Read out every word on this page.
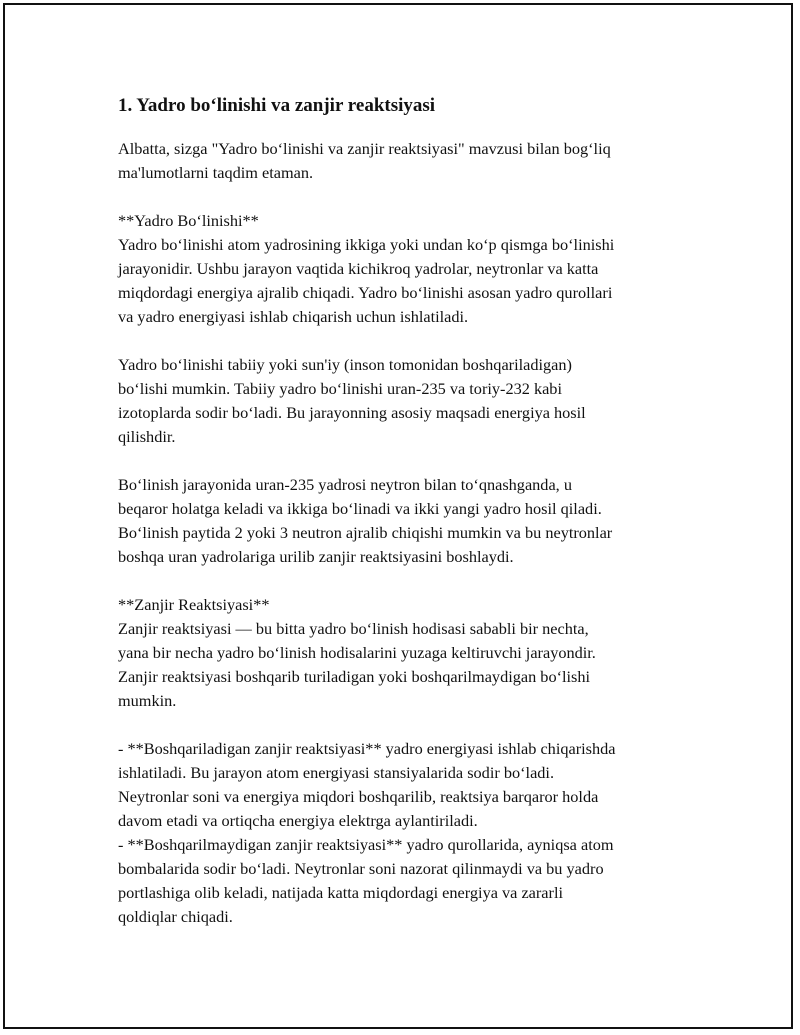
1. Yadro bo‘linishi va zanjir reaktsiyasi
Albatta, sizga "Yadro bo‘linishi va zanjir reaktsiyasi" mavzusi bilan bog‘liq
ma'lumotlarni taqdim etaman.
**Yadro Bo‘linishi**
Yadro bo‘linishi atom yadrosining ikkiga yoki undan ko‘p qismga bo‘linishi
jarayonidir. Ushbu jarayon vaqtida kichikroq yadrolar, neytronlar va katta
miqdordagi energiya ajralib chiqadi. Yadro bo‘linishi asosan yadro qurollari
va yadro energiyasi ishlab chiqarish uchun ishlatiladi.
Yadro bo‘linishi tabiiy yoki sun'iy (inson tomonidan boshqariladigan)
bo‘lishi mumkin. Tabiiy yadro bo‘linishi uran-235 va toriy-232 kabi
izotoplarda sodir bo‘ladi. Bu jarayonning asosiy maqsadi energiya hosil
qilishdir.
Bo‘linish jarayonida uran-235 yadrosi neytron bilan to‘qnashganda, u
beqaror holatga keladi va ikkiga bo‘linadi va ikki yangi yadro hosil qiladi.
Bo‘linish paytida 2 yoki 3 neutron ajralib chiqishi mumkin va bu neytronlar
boshqa uran yadrolariga urilib zanjir reaktsiyasini boshlaydi.
**Zanjir Reaktsiyasi**
Zanjir reaktsiyasi — bu bitta yadro bo‘linish hodisasi sababli bir nechta,
yana bir necha yadro bo‘linish hodisalarini yuzaga keltiruvchi jarayondir.
Zanjir reaktsiyasi boshqarib turiladigan yoki boshqarilmaydigan bo‘lishi
mumkin.
- **Boshqariladigan zanjir reaktsiyasi** yadro energiyasi ishlab chiqarishda
ishlatiladi. Bu jarayon atom energiyasi stansiyalarida sodir bo‘ladi.
Neytronlar soni va energiya miqdori boshqarilib, reaktsiya barqaror holda
davom etadi va ortiqcha energiya elektrga aylantiriladi.
- **Boshqarilmaydigan zanjir reaktsiyasi** yadro qurollarida, ayniqsa atom
bombalarida sodir bo‘ladi. Neytronlar soni nazorat qilinmaydi va bu yadro
portlashiga olib keladi, natijada katta miqdordagi energiya va zararli
qoldiqlar chiqadi.
